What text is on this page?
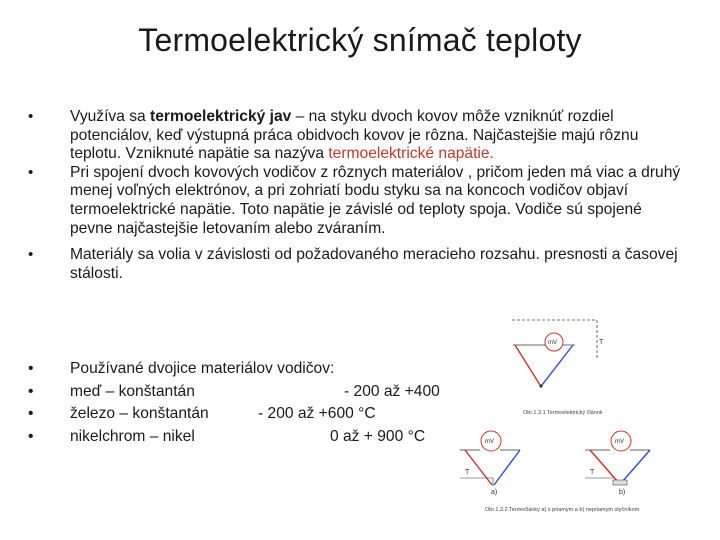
Termoelektrický snímač teploty
• Využíva sa termoelektrický jav – na styku dvoch kovov môže vzniknúť rozdiel potenciálov, keď výstupná práca obidvoch kovov je rôzna. Najčastejšie majú rôznu teplotu. Vzniknuté napätie sa nazýva termoelektrické napätie.
• Pri spojení dvoch kovových vodičov z rôznych materiálov , pričom jeden má viac a druhý menej voľných elektrónov, a pri zohriatí bodu styku sa na koncoch vodičov objaví termoelektrické napätie. Toto napätie je závislé od teploty spoja. Vodiče sú spojené pevne najčastejšie letovaním alebo zváraním.
• Materiály sa volia v závislosti od požadovaného meracieho rozsahu. presnosti a časovej stálosti.
• Používané dvojice materiálov vodičov:
• meď – konštantán	- 200 až +400
• železo – konštantán	- 200 až +600 °C
• nikelchrom – nikel	0 až + 900 °C
T
mV
Obr.1.3.1 Termoelektrický článok
mV
T
a)
mV
T
b)
Obr.1.3.2 Termočlánky a) s priamym a b) nepriamym styčníkom
